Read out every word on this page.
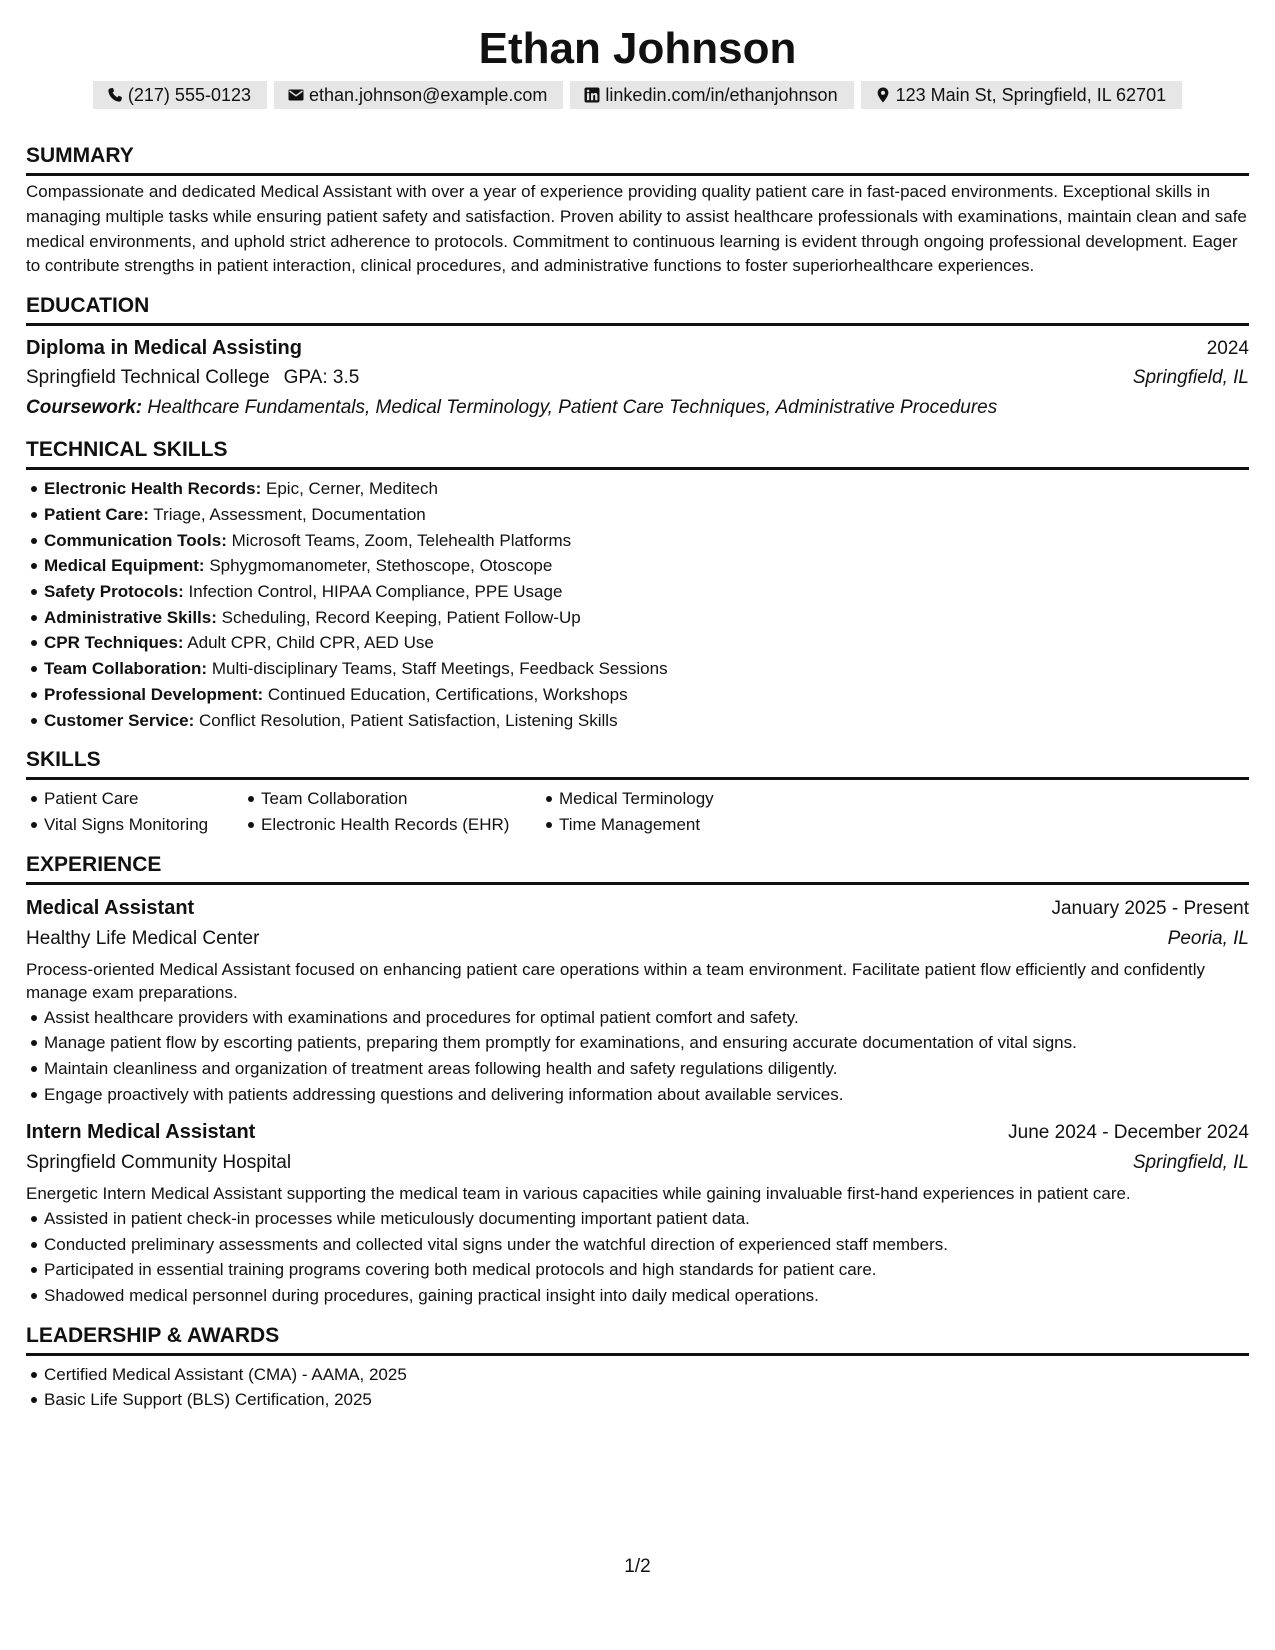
Ethan Johnson
(217) 555-0123	ethan.johnson@example.com	linkedin.com/in/ethanjohnson	123 Main St, Springfield, IL 62701
SUMMARY

Compassionate and dedicated Medical Assistant with over a year of experience providing quality patient care in fast-paced environments. Exceptional skills in managing multiple tasks while ensuring patient safety and satisfaction. Proven ability to assist healthcare professionals with examinations, maintain clean and safe medical environments, and uphold strict adherence to protocols. Commitment to continuous learning is evident through ongoing professional development. Eager to contribute strengths in patient interaction, clinical procedures, and administrative functions to foster superiorhealthcare experiences.

EDUCATION
Diploma in Medical Assisting	2024
Springfield Technical College GPA: 3.5	Springfield, IL
Coursework: Healthcare Fundamentals, Medical Terminology, Patient Care Techniques, Administrative Procedures
TECHNICAL SKILLS
Electronic Health Records: Epic, Cerner, Meditech
Patient Care: Triage, Assessment, Documentation
Communication Tools: Microsoft Teams, Zoom, Telehealth Platforms
Medical Equipment: Sphygmomanometer, Stethoscope, Otoscope
Safety Protocols: Infection Control, HIPAA Compliance, PPE Usage
Administrative Skills: Scheduling, Record Keeping, Patient Follow-Up
CPR Techniques: Adult CPR, Child CPR, AED Use
Team Collaboration: Multi-disciplinary Teams, Staff Meetings, Feedback Sessions
Professional Development: Continued Education, Certifications, Workshops
Customer Service: Conflict Resolution, Patient Satisfaction, Listening Skills
SKILLS
Patient Care	Team Collaboration	Medical Terminology
Vital Signs Monitoring	Electronic Health Records (EHR)	Time Management
EXPERIENCE
Medical Assistant	January 2025 - Present
Healthy Life Medical Center	Peoria, IL
Process-oriented Medical Assistant focused on enhancing patient care operations within a team environment. Facilitate patient flow efficiently and confidently manage exam preparations.
Assist healthcare providers with examinations and procedures for optimal patient comfort and safety.
Manage patient flow by escorting patients, preparing them promptly for examinations, and ensuring accurate documentation of vital signs.
Maintain cleanliness and organization of treatment areas following health and safety regulations diligently.
Engage proactively with patients addressing questions and delivering information about available services.
Intern Medical Assistant	June 2024 - December 2024
Springfield Community Hospital	Springfield, IL
Energetic Intern Medical Assistant supporting the medical team in various capacities while gaining invaluable first-hand experiences in patient care.
Assisted in patient check-in processes while meticulously documenting important patient data.
Conducted preliminary assessments and collected vital signs under the watchful direction of experienced staff members.
Participated in essential training programs covering both medical protocols and high standards for patient care.
Shadowed medical personnel during procedures, gaining practical insight into daily medical operations.
LEADERSHIP & AWARDS
Certified Medical Assistant (CMA) - AAMA, 2025
Basic Life Support (BLS) Certification, 2025
1/2
